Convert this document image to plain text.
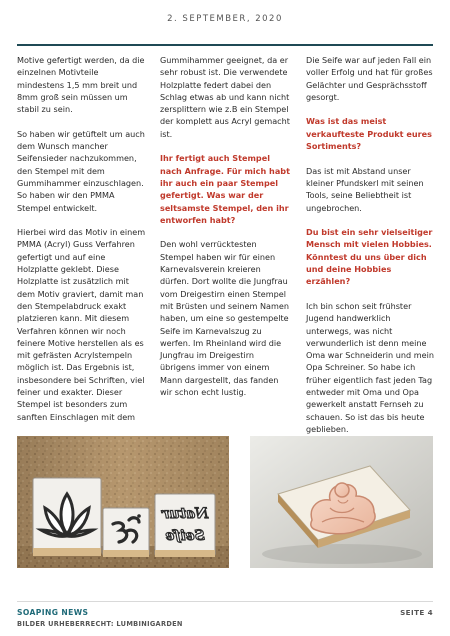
2. SEPTEMBER, 2020

Motive gefertigt werden, da die einzelnen Motivteile mindestens 1,5 mm breit und 8mm groß sein müssen um stabil zu sein.

So haben wir getüftelt um auch dem Wunsch mancher Seifensieder nachzukommen, den Stempel mit dem Gummihammer einzuschlagen. So haben wir den PMMA Stempel entwickelt.

Hierbei wird das Motiv in einem PMMA (Acryl) Guss Verfahren gefertigt und auf eine Holzplatte geklebt. Diese Holzplatte ist zusätzlich mit dem Motiv graviert, damit man den Stempelabdruck exakt platzieren kann. Mit diesem Verfahren können wir noch feinere Motive herstellen als es mit gefrästen Acrylstempeln möglich ist. Das Ergebnis ist, insbesondere bei Schriften, viel feiner und exakter. Dieser Stempel ist besonders zum sanften Einschlagen mit dem

Gummihammer geeignet, da er sehr robust ist. Die verwendete Holzplatte federt dabei den Schlag etwas ab und kann nicht zersplittern wie z.B ein Stempel der komplett aus Acryl gemacht ist.

Ihr fertigt auch Stempel nach Anfrage. Für mich habt ihr auch ein paar Stempel gefertigt. Was war der seltsamste Stempel, den ihr entworfen habt?

Den wohl verrücktesten Stempel haben wir für einen Karnevalsverein kreieren dürfen. Dort wollte die Jungfrau vom Dreigestirn einen Stempel mit Brüsten und seinem Namen haben, um eine so gestempelte Seife im Karnevalszug zu werfen. Im Rheinland wird die Jungfrau im Dreigestirn übrigens immer von einem Mann dargestellt, das fanden wir schon echt lustig.

Die Seife war auf jeden Fall ein voller Erfolg und hat für großes Gelächter und Gesprächsstoff gesorgt.

Was ist das meist verkaufteste Produkt eures Sortiments?

Das ist mit Abstand unser kleiner Pfundskerl mit seinen Tools, seine Beliebtheit ist ungebrochen.

Du bist ein sehr vielseitiger Mensch mit vielen Hobbies. Könntest du uns über dich und deine Hobbies erzählen?

Ich bin schon seit frühster Jugend handwerklich unterwegs, was nicht verwunderlich ist denn meine Oma war Schneiderin und mein Opa Schreiner. So habe ich früher eigentlich fast jeden Tag entweder mit Oma und Opa gewerkelt anstatt Fernseh zu schauen. So ist das bis heute geblieben.

Natur
Seife
SOAPING NEWS
BILDER URHEBERRECHT: LUMBINIGARDEN
SEITE 4
